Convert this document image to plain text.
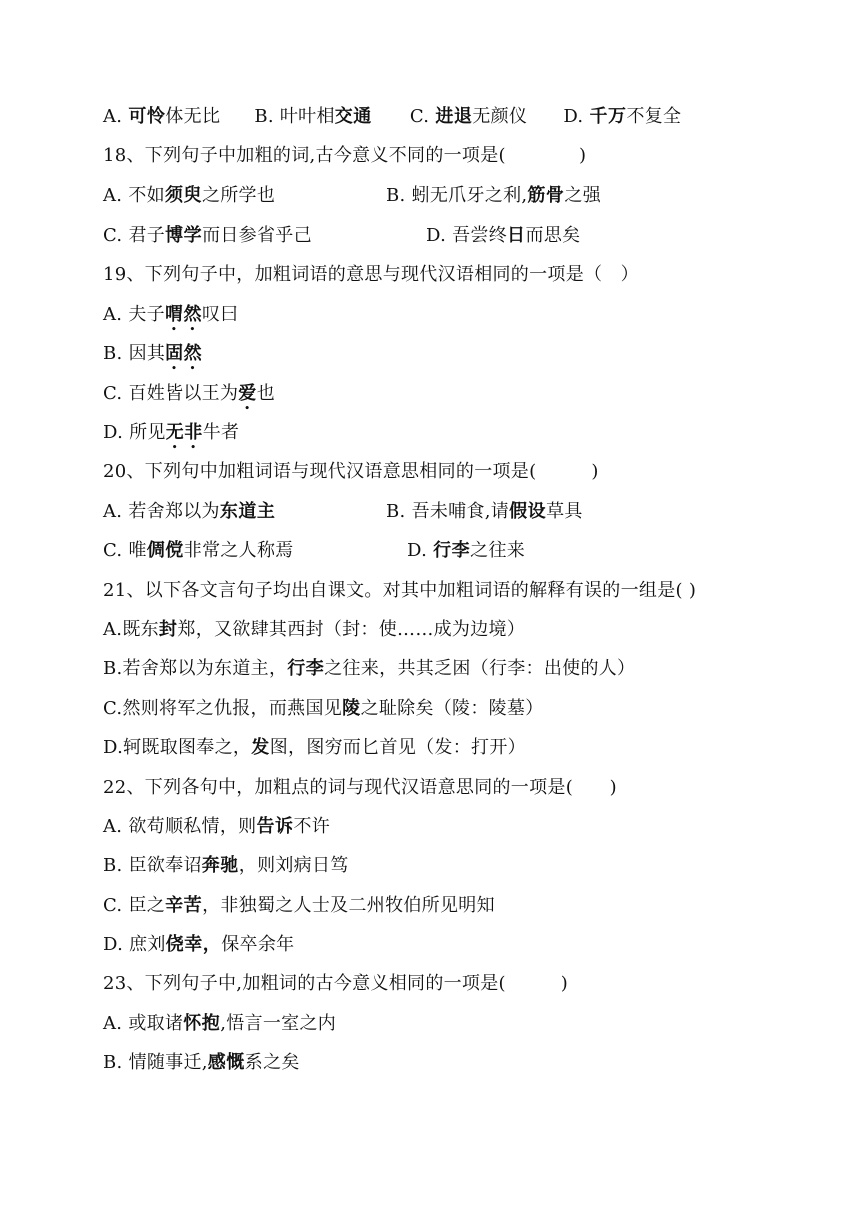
A. 可怜体无比 B. 叶叶相交通 C. 进退无颜仪 D. 千万不复全
18、下列句子中加粗的词,古今意义不同的一项是(　　　　)
A. 不如须臾之所学也	B. 蚓无爪牙之利,筋骨之强
C. 君子博学而日参省乎己	D. 吾尝终日而思矣
19、下列句子中，加粗词语的意思与现代汉语相同的一项是（　）
A. 夫子喟然叹曰
B. 因其固然
C. 百姓皆以王为爱也
D. 所见无非牛者
20、下列句中加粗词语与现代汉语意思相同的一项是(　　　)
A. 若舍郑以为东道主	B. 吾未哺食,请假设草具
C. 唯倜傥非常之人称焉	D. 行李之往来
21、以下各文言句子均出自课文。对其中加粗词语的解释有误的一组是( )
A.既东封郑，又欲肆其西封（封：使……成为边境）
B.若舍郑以为东道主，行李之往来，共其乏困（行李：出使的人）
C.然则将军之仇报，而燕国见陵之耻除矣（陵：陵墓）
D.轲既取图奉之，发图，图穷而匕首见（发：打开）
22、下列各句中，加粗点的词与现代汉语意思同的一项是(　　)
A. 欲苟顺私情，则告诉不许
B. 臣欲奉诏奔驰，则刘病日笃
C. 臣之辛苦，非独蜀之人士及二州牧伯所见明知
D. 庶刘侥幸，保卒余年
23、下列句子中,加粗词的古今意义相同的一项是(　　　)
A. 或取诸怀抱,悟言一室之内
B. 情随事迁,感慨系之矣
